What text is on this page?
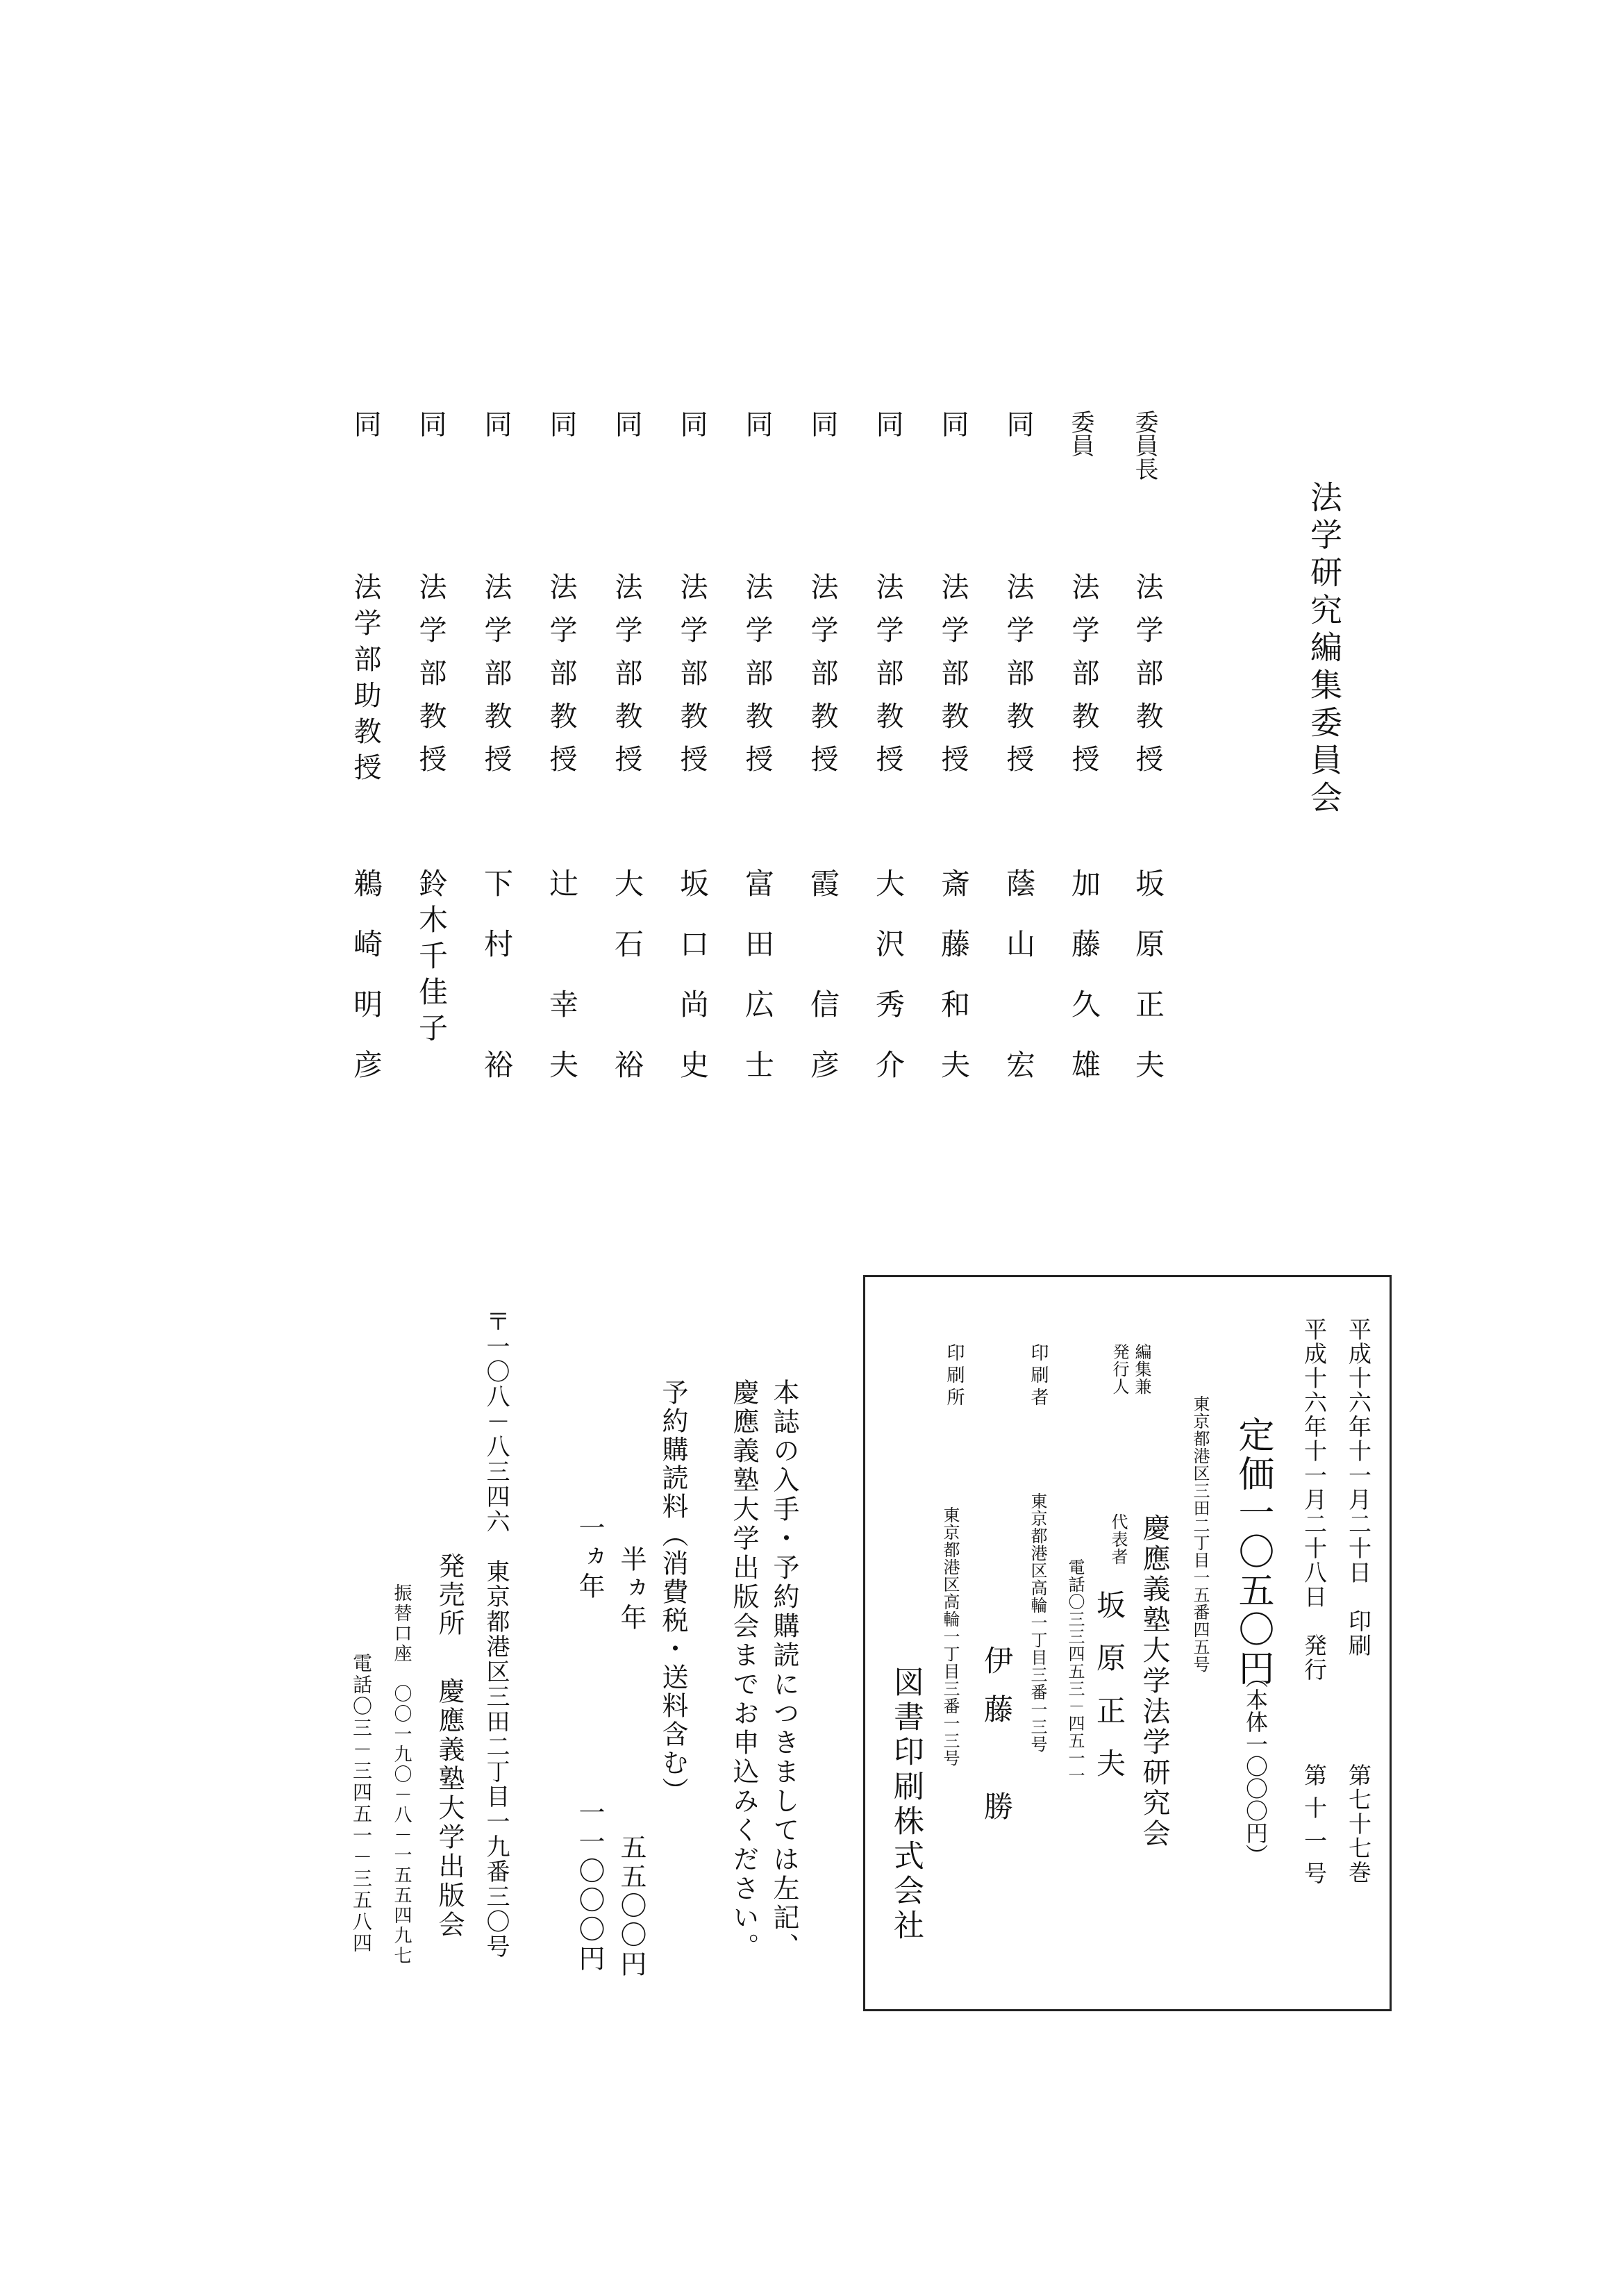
法学研究編集委員会
委員長
法学部教授
坂原正夫
委員
法学部教授
加藤久雄
同
法学部教授
蔭山　宏
同
法学部教授
斎藤和夫
同
法学部教授
大沢秀介
同
法学部教授
霞　信彦
同
法学部教授
富田広士
同
法学部教授
坂口尚史
同
法学部教授
大石　裕
同
法学部教授
辻　幸夫
同
法学部教授
下村　裕
同
法学部教授
鈴木千佳子
同
法学部助教授
鵜崎明彦
平成十六年十一月二十日　印刷
第七十七巻
平成十六年十一月二十八日　発行
第十一号
定価一〇五〇円
（本体一〇〇〇円）
東京都港区三田二丁目一五番四五号
編集兼
発行人
慶應義塾大学法学研究会
代表者
坂原正夫
電話〇三三四五三－四五一一
印刷者
東京都港区高輪一丁目三番一三号
伊藤　勝
印刷所
東京都港区高輪一丁目三番一三号
図書印刷株式会社
本誌の入手・予約購読につきましては左記、
慶應義塾大学出版会までお申込みください。
予約購読料（消費税・送料含む）
半ヵ年
五五〇〇円
一ヵ年
一一〇〇〇円
〒一〇八－八三四六　東京都港区三田二丁目一九番三〇号
発売所
慶應義塾大学出版会
振替口座　〇〇一九〇－八－一五五四九七
電話〇三－三四五一－三五八四
